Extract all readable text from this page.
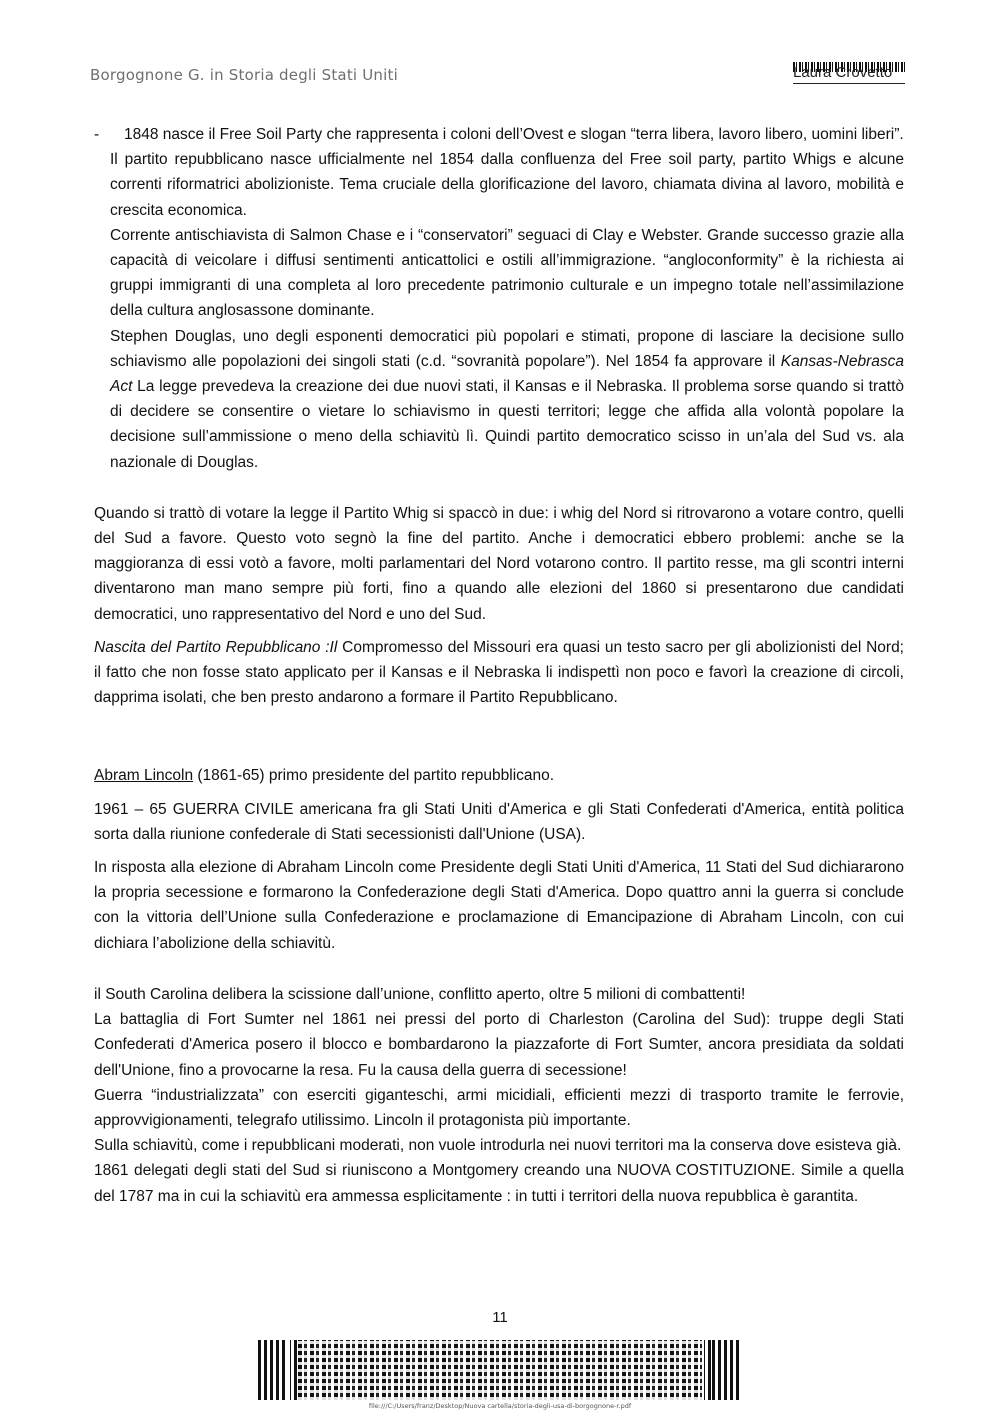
Borgognone G. in Storia degli Stati Uniti	Laura Crovetto

- 1848 nasce il Free Soil Party che rappresenta i coloni dell’Ovest e slogan “terra libera, lavoro libero, uomini liberi”.

Il partito repubblicano nasce ufficialmente nel 1854 dalla confluenza del Free soil party, partito Whigs e alcune correnti riformatrici abolizioniste. Tema cruciale della glorificazione del lavoro, chiamata divina al lavoro, mobilità e crescita economica.

Corrente antischiavista di Salmon Chase e i “conservatori” seguaci di Clay e Webster. Grande successo grazie alla capacità di veicolare i diffusi sentimenti anticattolici e ostili all’immigrazione. “angloconformity” è la richiesta ai gruppi immigranti di una completa al loro precedente patrimonio culturale e un impegno totale nell’assimilazione della cultura anglosassone dominante.

Stephen Douglas, uno degli esponenti democratici più popolari e stimati, propone di lasciare la decisione sullo schiavismo alle popolazioni dei singoli stati (c.d. “sovranità popolare”). Nel 1854 fa approvare il Kansas-Nebrasca Act La legge prevedeva la creazione dei due nuovi stati, il Kansas e il Nebraska. Il problema sorse quando si trattò di decidere se consentire o vietare lo schiavismo in questi territori; legge che affida alla volontà popolare la decisione sull’ammissione o meno della schiavitù lì. Quindi partito democratico scisso in un’ala del Sud vs. ala nazionale di Douglas.

Quando si trattò di votare la legge il Partito Whig si spaccò in due: i whig del Nord si ritrovarono a votare contro, quelli del Sud a favore. Questo voto segnò la fine del partito. Anche i democratici ebbero problemi: anche se la maggioranza di essi votò a favore, molti parlamentari del Nord votarono contro. Il partito resse, ma gli scontri interni diventarono man mano sempre più forti, fino a quando alle elezioni del 1860 si presentarono due candidati democratici, uno rappresentativo del Nord e uno del Sud.

Nascita del Partito Repubblicano :Il Compromesso del Missouri era quasi un testo sacro per gli abolizionisti del Nord; il fatto che non fosse stato applicato per il Kansas e il Nebraska li indispettì non poco e favorì la creazione di circoli, dapprima isolati, che ben presto andarono a formare il Partito Repubblicano.

Abram Lincoln (1861-65) primo presidente del partito repubblicano.

1961 – 65 GUERRA CIVILE americana fra gli Stati Uniti d'America e gli Stati Confederati d'America, entità politica sorta dalla riunione confederale di Stati secessionisti dall'Unione (USA).

In risposta alla elezione di Abraham Lincoln come Presidente degli Stati Uniti d'America, 11 Stati del Sud dichiararono la propria secessione e formarono la Confederazione degli Stati d'America. Dopo quattro anni la guerra si conclude con la vittoria dell’Unione sulla Confederazione e proclamazione di Emancipazione di Abraham Lincoln, con cui dichiara l’abolizione della schiavitù.

il South Carolina delibera la scissione dall’unione, conflitto aperto, oltre 5 milioni di combattenti!

La battaglia di Fort Sumter nel 1861 nei pressi del porto di Charleston (Carolina del Sud): truppe degli Stati Confederati d'America posero il blocco e bombardarono la piazzaforte di Fort Sumter, ancora presidiata da soldati dell'Unione, fino a provocarne la resa. Fu la causa della guerra di secessione!

Guerra “industrializzata” con eserciti giganteschi, armi micidiali, efficienti mezzi di trasporto tramite le ferrovie, approvvigionamenti, telegrafo utilissimo. Lincoln il protagonista più importante.

Sulla schiavitù, come i repubblicani moderati, non vuole introdurla nei nuovi territori ma la conserva dove esisteva già.

1861 delegati degli stati del Sud si riuniscono a Montgomery creando una NUOVA COSTITUZIONE. Simile a quella del 1787 ma in cui la schiavitù era ammessa esplicitamente : in tutti i territori della nuova repubblica è garantita.

11
file:///C:/Users/franz/Desktop/Nuova cartella/storia-degli-usa-di-borgognone-r.pdf
